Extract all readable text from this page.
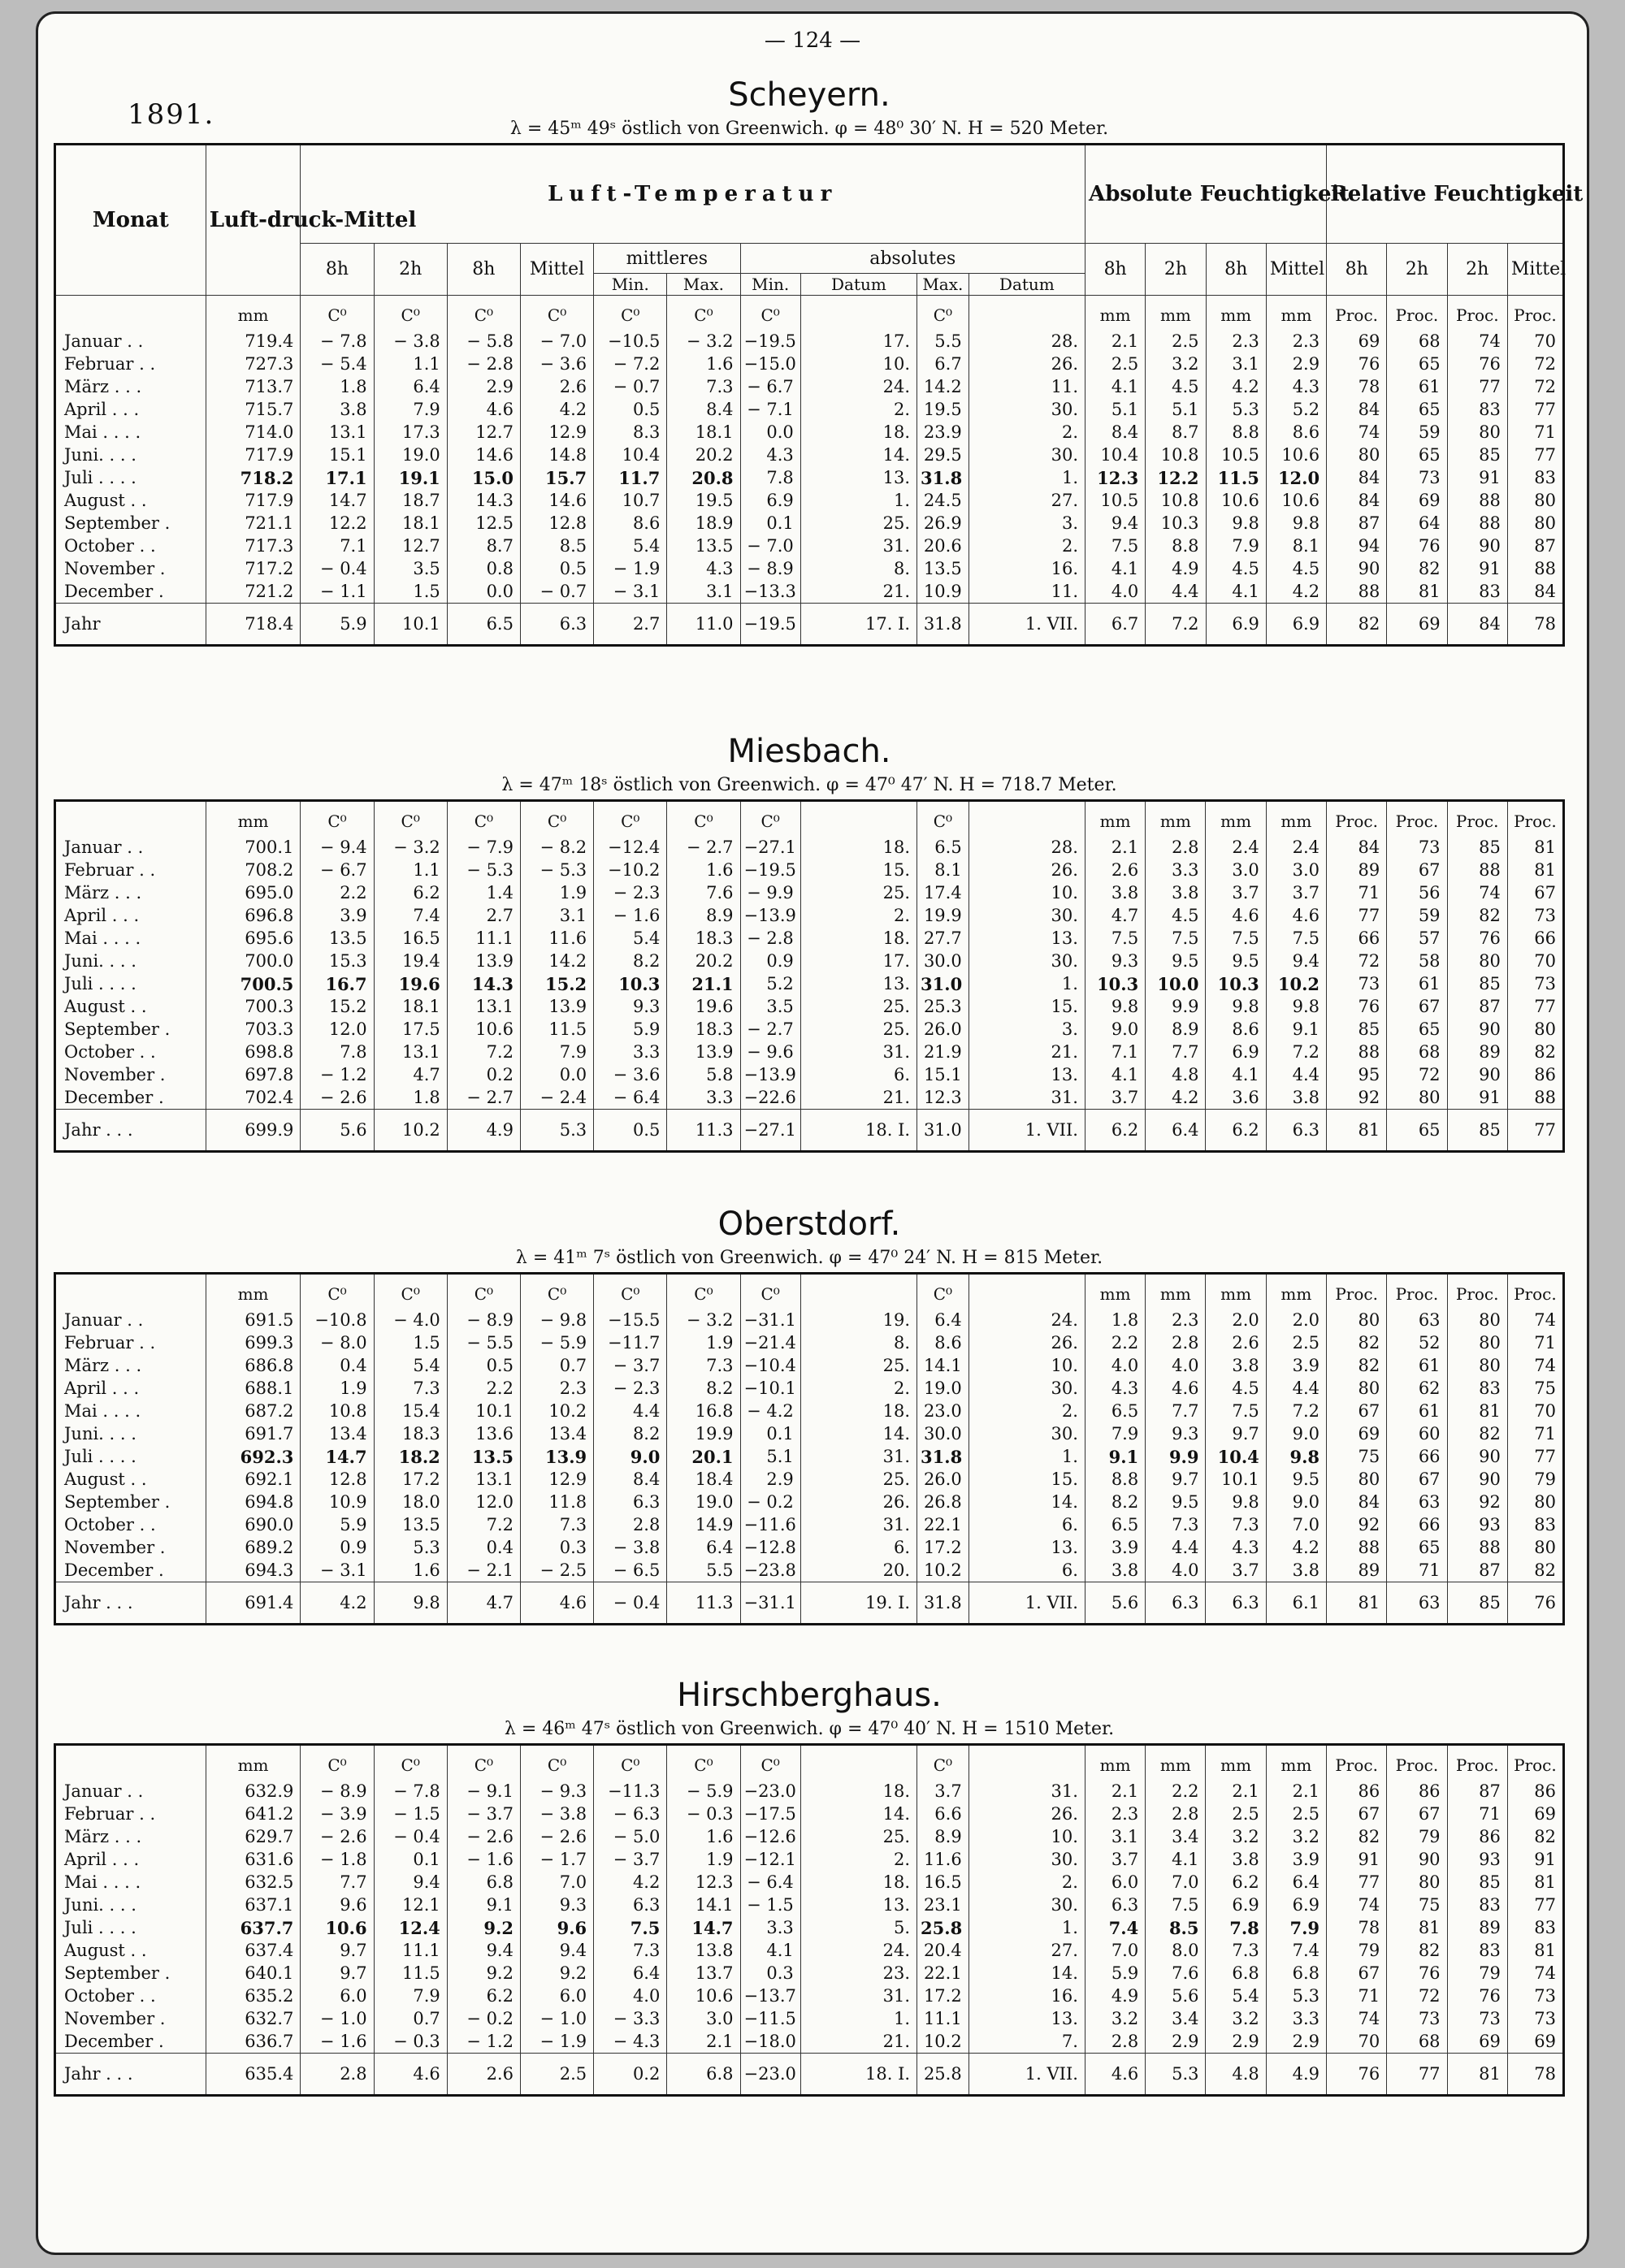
— 124 —
1891.
Scheyern.
λ = 45ᵐ 49ˢ östlich von Greenwich. φ = 48⁰ 30′ N. H = 520 Meter.
Monat	Luft-druck-Mittel	Luft-Temperatur										Absolute Feuchtigkeit				Relative Feuchtigkeit			
		8h	2h	8h	Mittel	mittleres		absolutes				8h	2h	8h	Mittel	8h	2h	2h	Mittel
						Min.	Max.	Min.	Datum	Max.	Datum								
	mm	C⁰	C⁰	C⁰	C⁰	C⁰	C⁰	C⁰		C⁰		mm	mm	mm	mm	Proc.	Proc.	Proc.	Proc.
Januar . .	719.4	− 7.8	− 3.8	− 5.8	− 7.0	−10.5	− 3.2	−19.5	17.	5.5	28.	2.1	2.5	2.3	2.3	69	68	74	70
Februar . .	727.3	− 5.4	1.1	− 2.8	− 3.6	− 7.2	1.6	−15.0	10.	6.7	26.	2.5	3.2	3.1	2.9	76	65	76	72
März . . .	713.7	1.8	6.4	2.9	2.6	− 0.7	7.3	− 6.7	24.	14.2	11.	4.1	4.5	4.2	4.3	78	61	77	72
April . . .	715.7	3.8	7.9	4.6	4.2	0.5	8.4	− 7.1	2.	19.5	30.	5.1	5.1	5.3	5.2	84	65	83	77
Mai . . . .	714.0	13.1	17.3	12.7	12.9	8.3	18.1	0.0	18.	23.9	2.	8.4	8.7	8.8	8.6	74	59	80	71
Juni. . . .	717.9	15.1	19.0	14.6	14.8	10.4	20.2	4.3	14.	29.5	30.	10.4	10.8	10.5	10.6	80	65	85	77
Juli . . . .	718.2	17.1	19.1	15.0	15.7	11.7	20.8	7.8	13.	31.8	1.	12.3	12.2	11.5	12.0	84	73	91	83
August . .	717.9	14.7	18.7	14.3	14.6	10.7	19.5	6.9	1.	24.5	27.	10.5	10.8	10.6	10.6	84	69	88	80
September .	721.1	12.2	18.1	12.5	12.8	8.6	18.9	0.1	25.	26.9	3.	9.4	10.3	9.8	9.8	87	64	88	80
October . .	717.3	7.1	12.7	8.7	8.5	5.4	13.5	− 7.0	31.	20.6	2.	7.5	8.8	7.9	8.1	94	76	90	87
November .	717.2	− 0.4	3.5	0.8	0.5	− 1.9	4.3	− 8.9	8.	13.5	16.	4.1	4.9	4.5	4.5	90	82	91	88
December .	721.2	− 1.1	1.5	0.0	− 0.7	− 3.1	3.1	−13.3	21.	10.9	11.	4.0	4.4	4.1	4.2	88	81	83	84
Jahr	718.4	5.9	10.1	6.5	6.3	2.7	11.0	−19.5	17. I.	31.8	1. VII.	6.7	7.2	6.9	6.9	82	69	84	78
Miesbach.
λ = 47ᵐ 18ˢ östlich von Greenwich. φ = 47⁰ 47′ N. H = 718.7 Meter.
	mm	C⁰	C⁰	C⁰	C⁰	C⁰	C⁰	C⁰		C⁰		mm	mm	mm	mm	Proc.	Proc.	Proc.	Proc.
Januar . .	700.1	− 9.4	− 3.2	− 7.9	− 8.2	−12.4	− 2.7	−27.1	18.	6.5	28.	2.1	2.8	2.4	2.4	84	73	85	81
Februar . .	708.2	− 6.7	1.1	− 5.3	− 5.3	−10.2	1.6	−19.5	15.	8.1	26.	2.6	3.3	3.0	3.0	89	67	88	81
März . . .	695.0	2.2	6.2	1.4	1.9	− 2.3	7.6	− 9.9	25.	17.4	10.	3.8	3.8	3.7	3.7	71	56	74	67
April . . .	696.8	3.9	7.4	2.7	3.1	− 1.6	8.9	−13.9	2.	19.9	30.	4.7	4.5	4.6	4.6	77	59	82	73
Mai . . . .	695.6	13.5	16.5	11.1	11.6	5.4	18.3	− 2.8	18.	27.7	13.	7.5	7.5	7.5	7.5	66	57	76	66
Juni. . . .	700.0	15.3	19.4	13.9	14.2	8.2	20.2	0.9	17.	30.0	30.	9.3	9.5	9.5	9.4	72	58	80	70
Juli . . . .	700.5	16.7	19.6	14.3	15.2	10.3	21.1	5.2	13.	31.0	1.	10.3	10.0	10.3	10.2	73	61	85	73
August . .	700.3	15.2	18.1	13.1	13.9	9.3	19.6	3.5	25.	25.3	15.	9.8	9.9	9.8	9.8	76	67	87	77
September .	703.3	12.0	17.5	10.6	11.5	5.9	18.3	− 2.7	25.	26.0	3.	9.0	8.9	8.6	9.1	85	65	90	80
October . .	698.8	7.8	13.1	7.2	7.9	3.3	13.9	− 9.6	31.	21.9	21.	7.1	7.7	6.9	7.2	88	68	89	82
November .	697.8	− 1.2	4.7	0.2	0.0	− 3.6	5.8	−13.9	6.	15.1	13.	4.1	4.8	4.1	4.4	95	72	90	86
December .	702.4	− 2.6	1.8	− 2.7	− 2.4	− 6.4	3.3	−22.6	21.	12.3	31.	3.7	4.2	3.6	3.8	92	80	91	88
Jahr . . .	699.9	5.6	10.2	4.9	5.3	0.5	11.3	−27.1	18. I.	31.0	1. VII.	6.2	6.4	6.2	6.3	81	65	85	77
Oberstdorf.
λ = 41ᵐ 7ˢ östlich von Greenwich. φ = 47⁰ 24′ N. H = 815 Meter.
	mm	C⁰	C⁰	C⁰	C⁰	C⁰	C⁰	C⁰		C⁰		mm	mm	mm	mm	Proc.	Proc.	Proc.	Proc.
Januar . .	691.5	−10.8	− 4.0	− 8.9	− 9.8	−15.5	− 3.2	−31.1	19.	6.4	24.	1.8	2.3	2.0	2.0	80	63	80	74
Februar . .	699.3	− 8.0	1.5	− 5.5	− 5.9	−11.7	1.9	−21.4	8.	8.6	26.	2.2	2.8	2.6	2.5	82	52	80	71
März . . .	686.8	0.4	5.4	0.5	0.7	− 3.7	7.3	−10.4	25.	14.1	10.	4.0	4.0	3.8	3.9	82	61	80	74
April . . .	688.1	1.9	7.3	2.2	2.3	− 2.3	8.2	−10.1	2.	19.0	30.	4.3	4.6	4.5	4.4	80	62	83	75
Mai . . . .	687.2	10.8	15.4	10.1	10.2	4.4	16.8	− 4.2	18.	23.0	2.	6.5	7.7	7.5	7.2	67	61	81	70
Juni. . . .	691.7	13.4	18.3	13.6	13.4	8.2	19.9	0.1	14.	30.0	30.	7.9	9.3	9.7	9.0	69	60	82	71
Juli . . . .	692.3	14.7	18.2	13.5	13.9	9.0	20.1	5.1	31.	31.8	1.	9.1	9.9	10.4	9.8	75	66	90	77
August . .	692.1	12.8	17.2	13.1	12.9	8.4	18.4	2.9	25.	26.0	15.	8.8	9.7	10.1	9.5	80	67	90	79
September .	694.8	10.9	18.0	12.0	11.8	6.3	19.0	− 0.2	26.	26.8	14.	8.2	9.5	9.8	9.0	84	63	92	80
October . .	690.0	5.9	13.5	7.2	7.3	2.8	14.9	−11.6	31.	22.1	6.	6.5	7.3	7.3	7.0	92	66	93	83
November .	689.2	0.9	5.3	0.4	0.3	− 3.8	6.4	−12.8	6.	17.2	13.	3.9	4.4	4.3	4.2	88	65	88	80
December .	694.3	− 3.1	1.6	− 2.1	− 2.5	− 6.5	5.5	−23.8	20.	10.2	6.	3.8	4.0	3.7	3.8	89	71	87	82
Jahr . . .	691.4	4.2	9.8	4.7	4.6	− 0.4	11.3	−31.1	19. I.	31.8	1. VII.	5.6	6.3	6.3	6.1	81	63	85	76
Hirschberghaus.
λ = 46ᵐ 47ˢ östlich von Greenwich. φ = 47⁰ 40′ N. H = 1510 Meter.
	mm	C⁰	C⁰	C⁰	C⁰	C⁰	C⁰	C⁰		C⁰		mm	mm	mm	mm	Proc.	Proc.	Proc.	Proc.
Januar . .	632.9	− 8.9	− 7.8	− 9.1	− 9.3	−11.3	− 5.9	−23.0	18.	3.7	31.	2.1	2.2	2.1	2.1	86	86	87	86
Februar . .	641.2	− 3.9	− 1.5	− 3.7	− 3.8	− 6.3	− 0.3	−17.5	14.	6.6	26.	2.3	2.8	2.5	2.5	67	67	71	69
März . . .	629.7	− 2.6	− 0.4	− 2.6	− 2.6	− 5.0	1.6	−12.6	25.	8.9	10.	3.1	3.4	3.2	3.2	82	79	86	82
April . . .	631.6	− 1.8	0.1	− 1.6	− 1.7	− 3.7	1.9	−12.1	2.	11.6	30.	3.7	4.1	3.8	3.9	91	90	93	91
Mai . . . .	632.5	7.7	9.4	6.8	7.0	4.2	12.3	− 6.4	18.	16.5	2.	6.0	7.0	6.2	6.4	77	80	85	81
Juni. . . .	637.1	9.6	12.1	9.1	9.3	6.3	14.1	− 1.5	13.	23.1	30.	6.3	7.5	6.9	6.9	74	75	83	77
Juli . . . .	637.7	10.6	12.4	9.2	9.6	7.5	14.7	3.3	5.	25.8	1.	7.4	8.5	7.8	7.9	78	81	89	83
August . .	637.4	9.7	11.1	9.4	9.4	7.3	13.8	4.1	24.	20.4	27.	7.0	8.0	7.3	7.4	79	82	83	81
September .	640.1	9.7	11.5	9.2	9.2	6.4	13.7	0.3	23.	22.1	14.	5.9	7.6	6.8	6.8	67	76	79	74
October . .	635.2	6.0	7.9	6.2	6.0	4.0	10.6	−13.7	31.	17.2	16.	4.9	5.6	5.4	5.3	71	72	76	73
November .	632.7	− 1.0	0.7	− 0.2	− 1.0	− 3.3	3.0	−11.5	1.	11.1	13.	3.2	3.4	3.2	3.3	74	73	73	73
December .	636.7	− 1.6	− 0.3	− 1.2	− 1.9	− 4.3	2.1	−18.0	21.	10.2	7.	2.8	2.9	2.9	2.9	70	68	69	69
Jahr . . .	635.4	2.8	4.6	2.6	2.5	0.2	6.8	−23.0	18. I.	25.8	1. VII.	4.6	5.3	4.8	4.9	76	77	81	78
